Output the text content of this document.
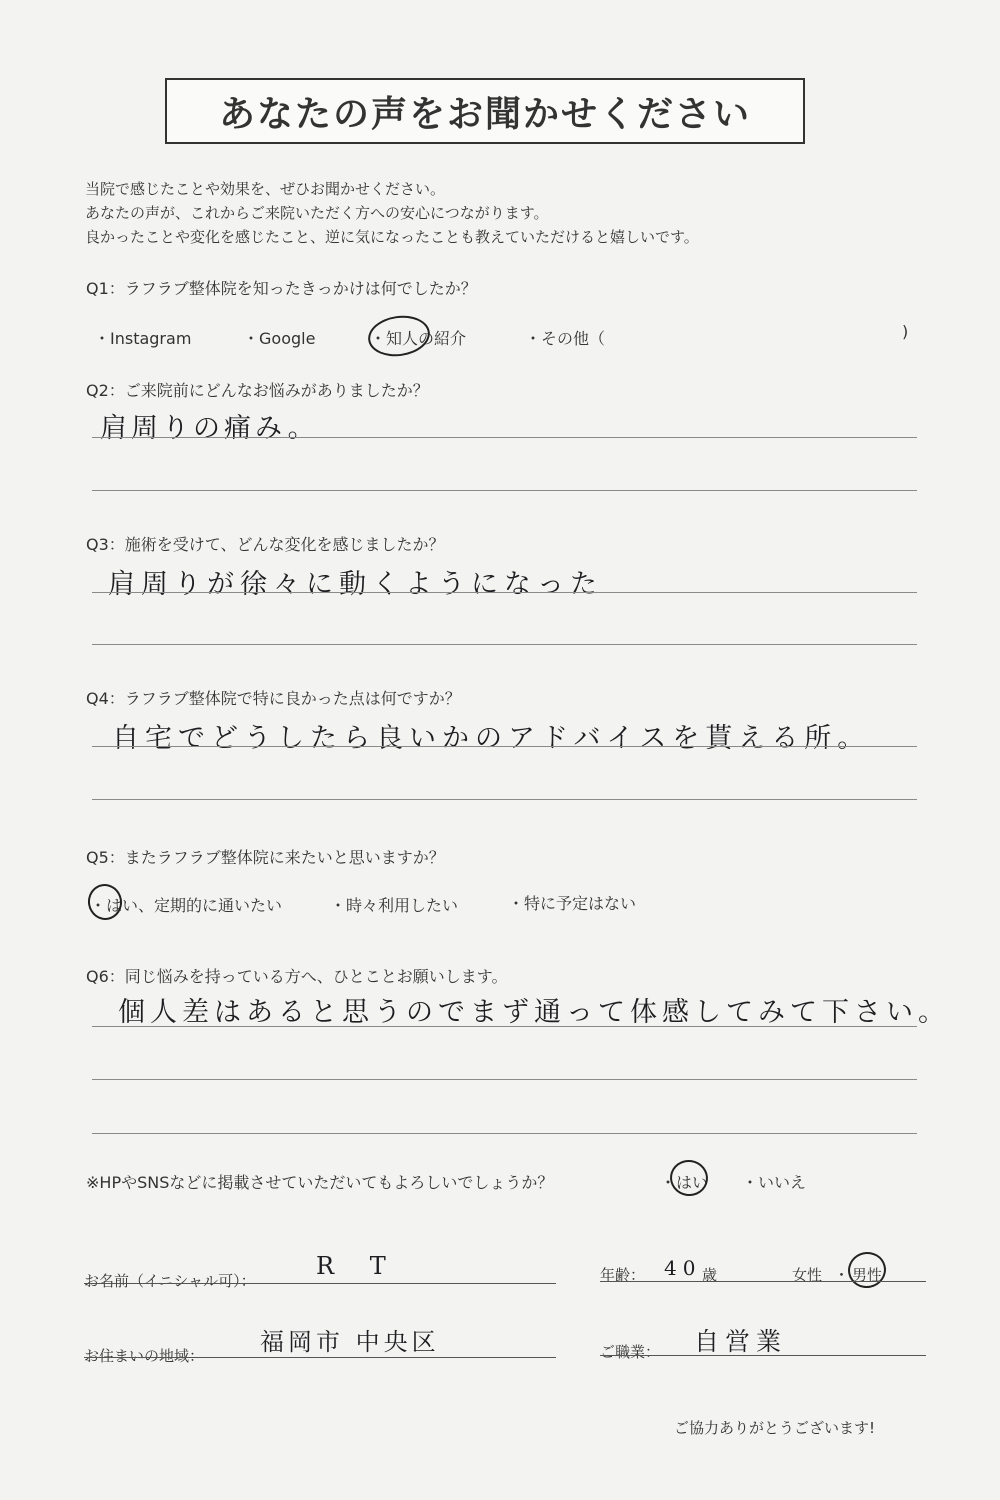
あなたの声をお聞かせください
当院で感じたことや効果を、ぜひお聞かせください。
あなたの声が、これからご来院いただく方への安心につながります。
良かったことや変化を感じたこと、逆に気になったことも教えていただけると嬉しいです。
Q1：ラフラブ整体院を知ったきっかけは何でしたか？
・Instagram	・Google	・知人の紹介	・その他（	)
Q2：ご来院前にどんなお悩みがありましたか？
肩周りの痛み。
Q3：施術を受けて、どんな変化を感じましたか？
肩周りが徐々に動くようになった
Q4：ラフラブ整体院で特に良かった点は何ですか？
自宅でどうしたら良いかのアドバイスを貰える所。
Q5：またラフラブ整体院に来たいと思いますか？
・はい、定期的に通いたい	・時々利用したい	・特に予定はない
Q6：同じ悩みを持っている方へ、ひとことお願いします。
個人差はあると思うのでまず通って体感してみて下さい。
※HPやSNSなどに掲載させていただいてもよろしいでしょうか？	・はい ・いいえ
お名前（イニシャル可）：
R T	年齢： 40 歳	女性 ・ 男性
お住まいの地域： 福岡市 中央区	ご職業： 自営業
ご協力ありがとうございます!
